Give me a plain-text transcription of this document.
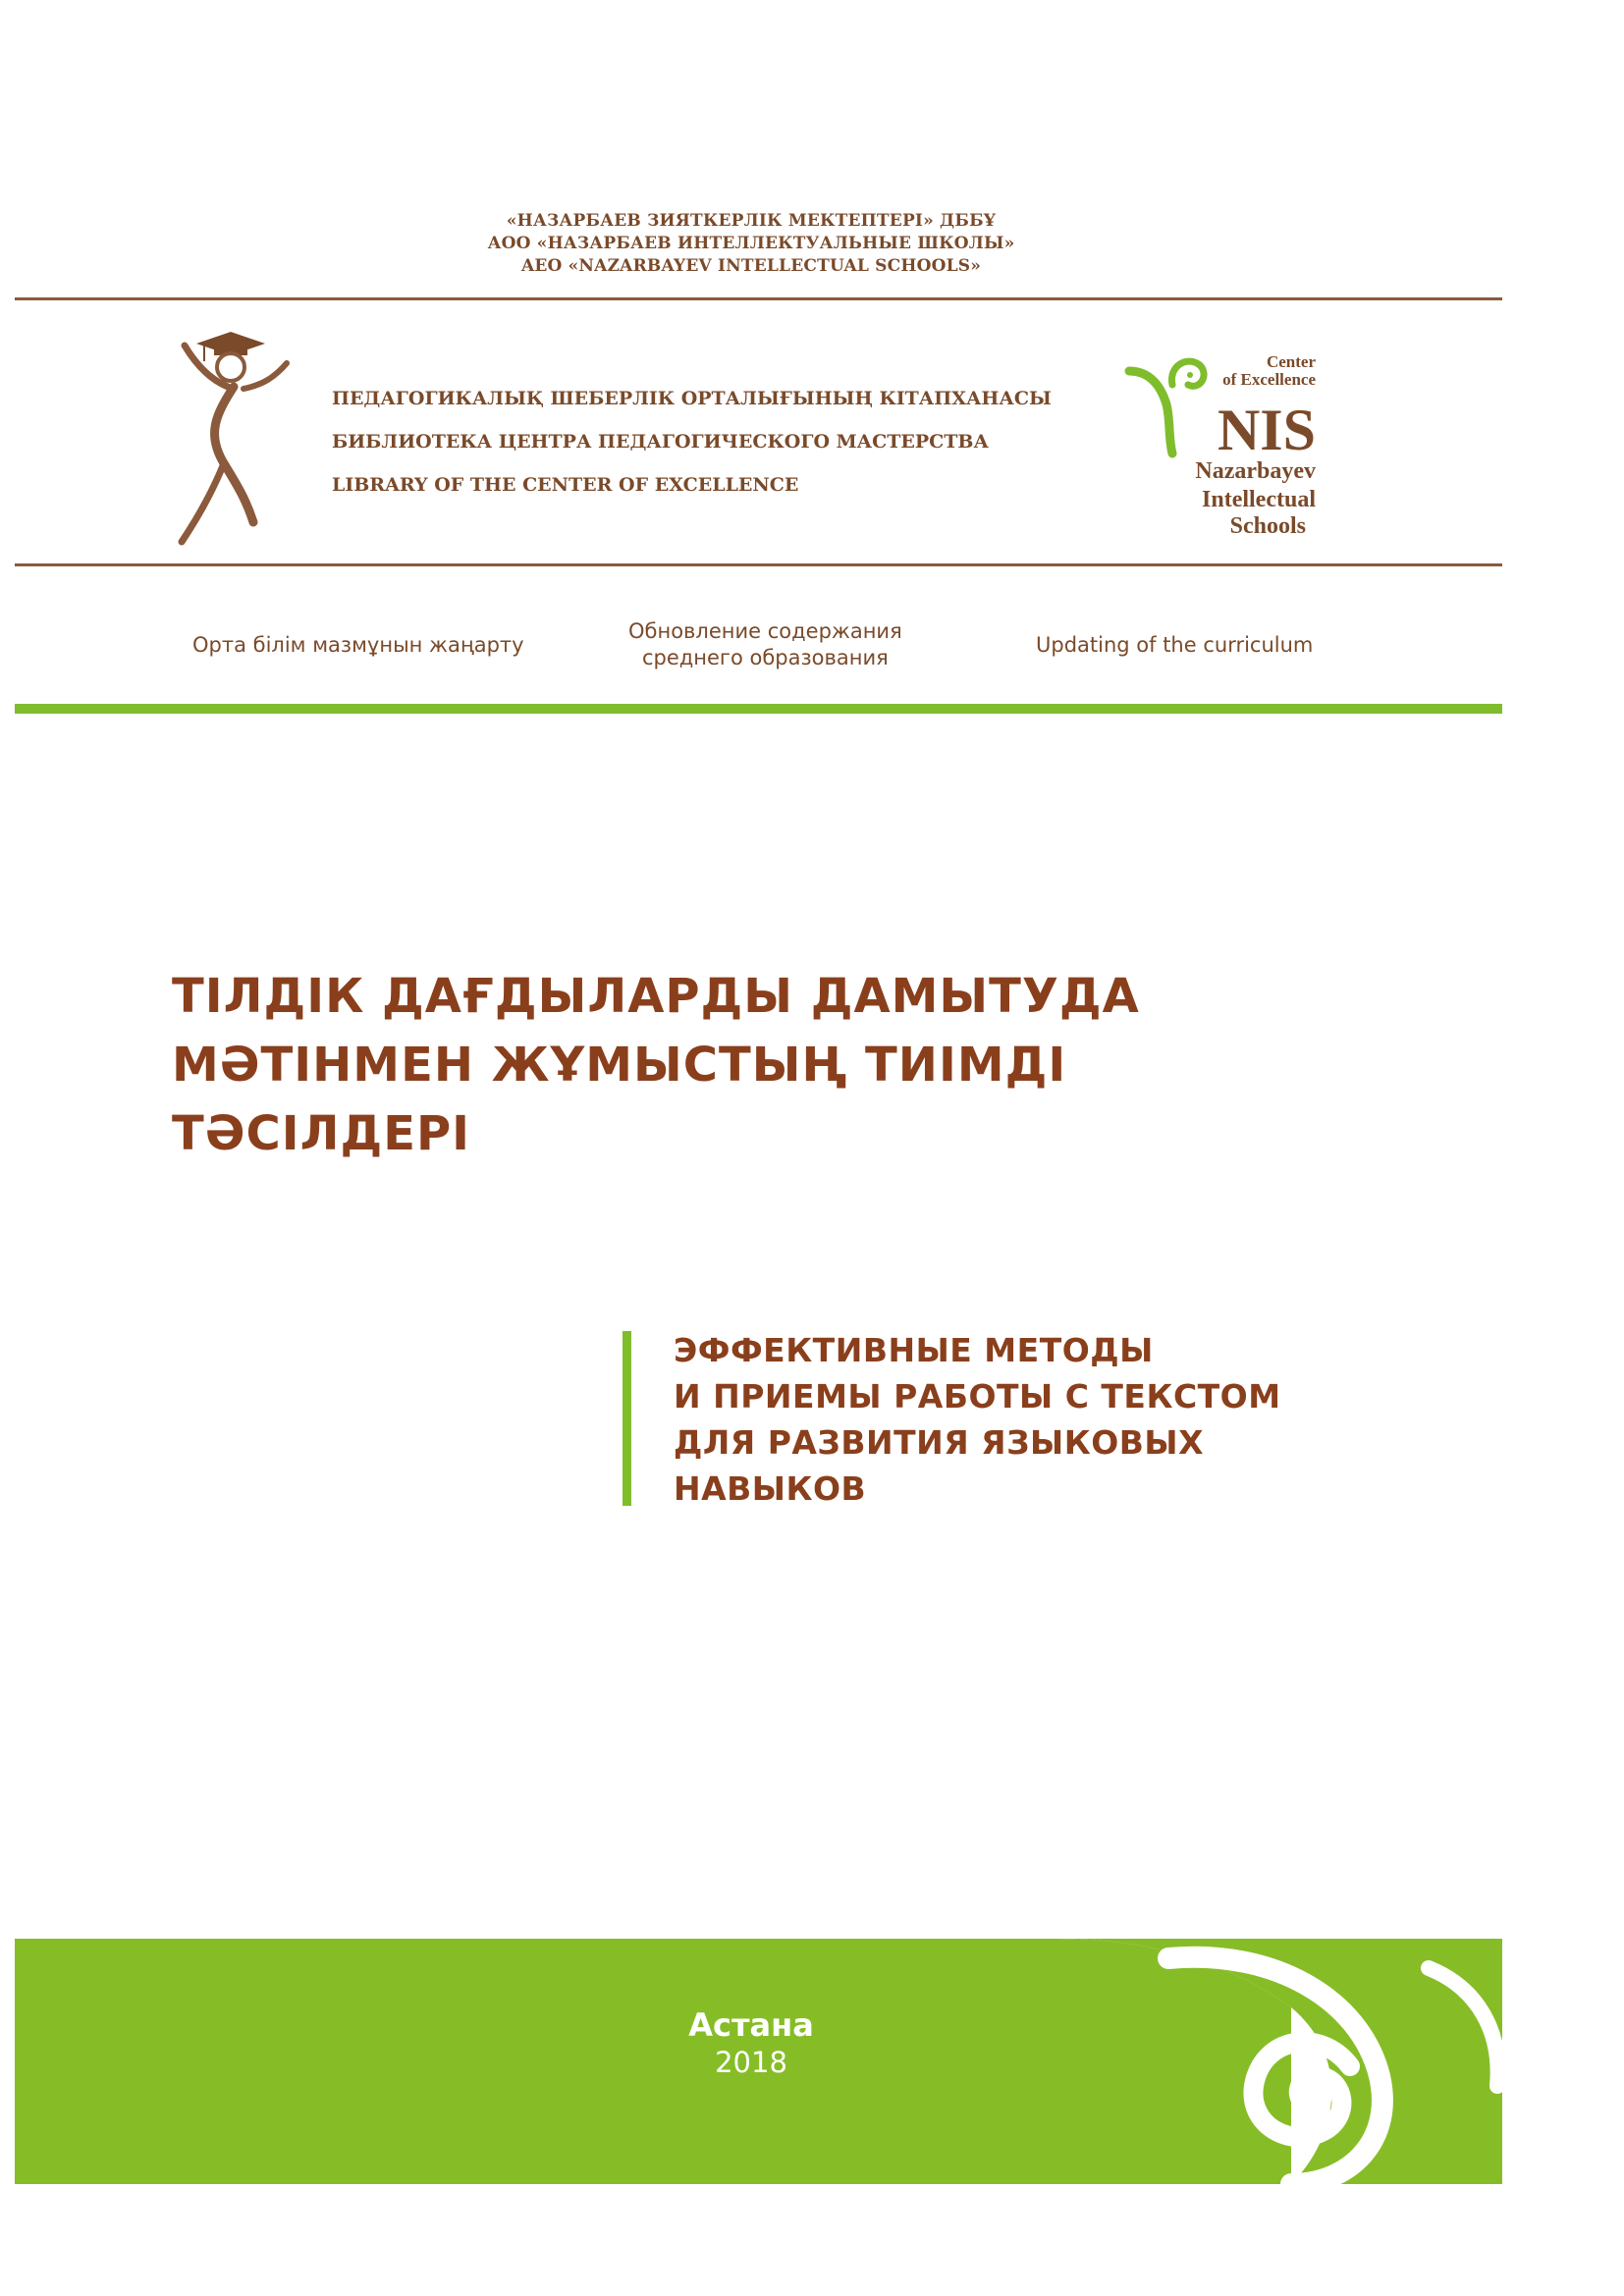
«НАЗАРБАЕВ ЗИЯТКЕРЛІК МЕКТЕПТЕРІ» ДББҰ
АОО «НАЗАРБАЕВ ИНТЕЛЛЕКТУАЛЬНЫЕ ШКОЛЫ»
AEO «NAZARBAYEV INTELLECTUAL SCHOOLS»
ПЕДАГОГИКАЛЫҚ ШЕБЕРЛІК ОРТАЛЫҒЫНЫҢ КІТАПХАНАСЫ
БИБЛИОТЕКА ЦЕНТРА ПЕДАГОГИЧЕСКОГО МАСТЕРСТВА
LIBRARY OF THE CENTER OF EXCELLENCE
Center
of Excellence
NIS
Nazarbayev
Intellectual
Schools
Орта білім мазмұнын жаңарту
Обновление содержания
среднего образования
Updating of the curriculum
ТІЛДІК ДАҒДЫЛАРДЫ ДАМЫТУДА
МӘТІНМЕН ЖҰМЫСТЫҢ ТИІМДІ
ТӘСІЛДЕРІ
ЭФФЕКТИВНЫЕ МЕТОДЫ
И ПРИЕМЫ РАБОТЫ С ТЕКСТОМ
ДЛЯ РАЗВИТИЯ ЯЗЫКОВЫХ
НАВЫКОВ
Астана
2018
